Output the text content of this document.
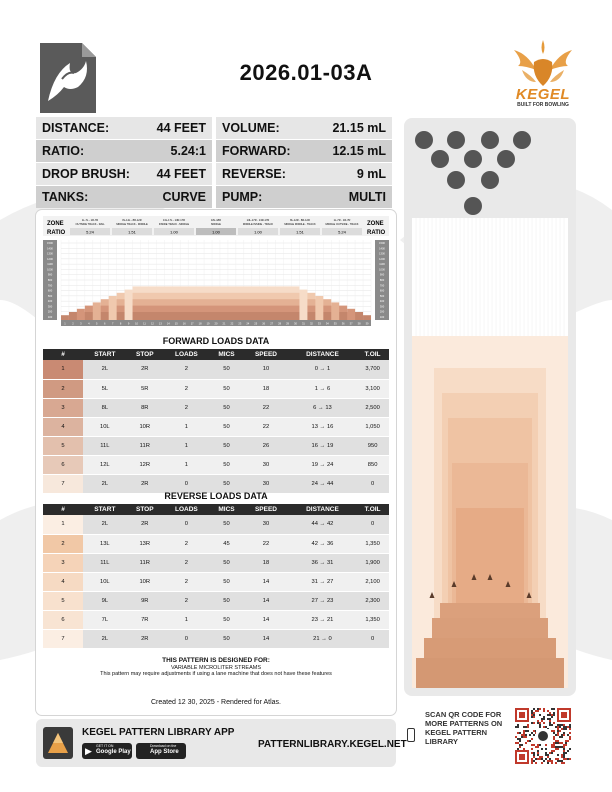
2026.01-03A
KEGEL
BUILT FOR BOWLING
DISTANCE:	44 FEET VOLUME:	21.15 mL
RATIO:	5.24:1 FORWARD:	12.15 mL
DROP BRUSH: 44 FEET REVERSE:	9 mL
TANKS:	CURVE PUMP:	MULTI
ZONE
RATIO
ZONE
RATIO
1L-7L - 1R-7R
OUTSIDE TRACK - RAIL
5.24
8L-12L - 8R-12R
MIDDLE TRACK - MIDDLE
1.51
13L-17L - 13R-17R
INSIDE TRACK - MIDDLE
1.00
18L-18R
MIDDLE
1.00
13L-17R - 13R-17R
MIDDLE INSIDE - TRACK
1.00
8L-12R - 8R-12R
MIDDLE MIDDLE - TRACK
1.51
1L-7R - 1R-7R
MIDDLE OUTSIDE - TRACK
5.24
1500	1500
1400	1400
1300	1300
1200	1200
1100	1100
1000	1000
900	900
800	800
700	700
600	600
500	500
400	400
300	300
200	200
100	100
1 2 3 4 5 6 7 8 9 10 11 12 13 14 15 16 17 18 19 20 21 22 23 24 25 26 27 28 29 30 31 32 33 34 35 36 37 38 39
FORWARD LOADS DATA
#	START	STOP	LOADS	MICS	SPEED	DISTANCE	T.OIL
1	2L	2R	2	50	10	0 → 1	3,700
2	5L	5R	2	50	18	1 → 6	3,100
3	8L	8R	2	50	22	6 → 13	2,500
4	10L	10R	1	50	22	13 → 16	1,050
5	11L	11R	1	50	26	16 → 19	950
6	12L	12R	1	50	30	19 → 24	850
7	2L	2R	0	50	30	24 → 44	0
REVERSE LOADS DATA
#	START	STOP	LOADS	MICS	SPEED	DISTANCE	T.OIL
1	2L	2R	0	50	30	44 → 42	0
2	13L	13R	2	45	22	42 → 36	1,350
3	11L	11R	2	50	18	36 → 31	1,900
4	10L	10R	2	50	14	31 → 27	2,100
5	9L	9R	2	50	14	27 → 23	2,300
6	7L	7R	1	50	14	23 → 21	1,350
7	2L	2R	0	50	14	21 → 0	0
THIS PATTERN IS DESIGNED FOR:
VARIABLE MICROLITER STREAMS
This pattern may require adjustments if using a lane machine that does not have these features
Created 12 30, 2025 - Rendered for Atlas.
KEGEL PATTERN LIBRARY APP
▶ GET IT ON
Google Play
Download on the
App Store
PATTERNLIBRARY.KEGEL.NET
SCAN QR CODE FOR MORE PATTERNS ON KEGEL PATTERN LIBRARY
